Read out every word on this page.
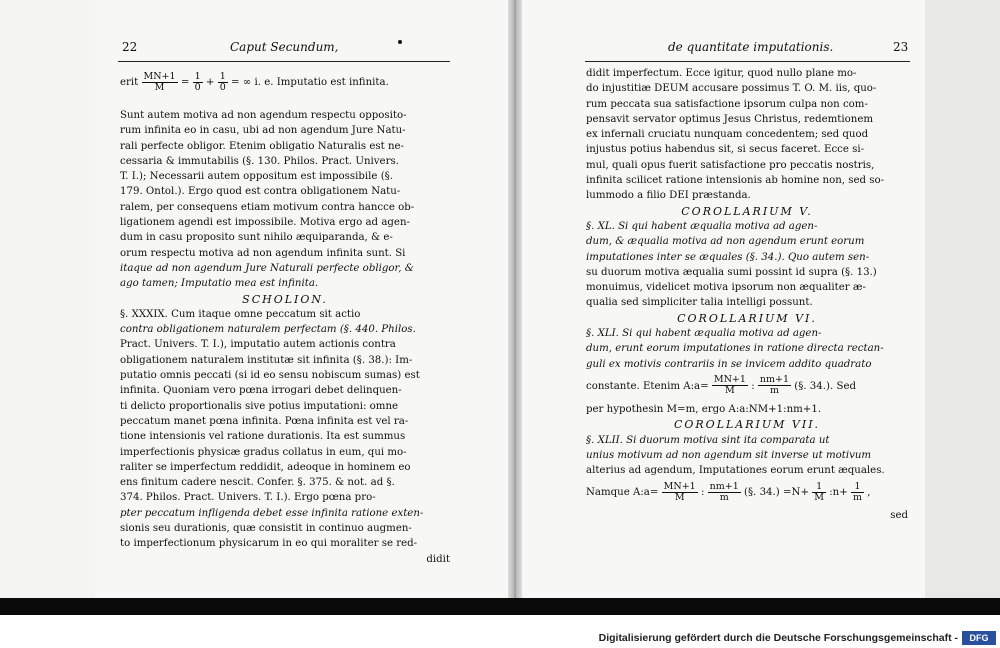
22	Caput Secundum,
erit $\frac{MN+1}{M} = \frac{1}{0} + \frac{1}{0}$ = ∞ i. e. Imputatio est infinita.
Sunt autem motiva ad non agendum respectu opposito-
rum infinita eo in casu, ubi ad non agendum Jure Natu-
rali perfecte obligor. Etenim obligatio Naturalis est ne-
cessaria & immutabilis (§. 130. Philos. Pract. Univers.
T. I.); Necessarii autem oppositum est impossibile (§.
179. Ontol.). Ergo quod est contra obligationem Natu-
ralem, per consequens etiam motivum contra hancce ob-
ligationem agendi est impossibile. Motiva ergo ad agen-
dum in casu proposito sunt nihilo æquiparanda, & e-
orum respectu motiva ad non agendum infinita sunt. Si
itaque ad non agendum Jure Naturali perfecte obligor, &
ago tamen; Imputatio mea est infinita.
SCHOLION.
§. XXXIX. Cum itaque omne peccatum sit actio
contra obligationem naturalem perfectam (§. 440. Philos.
Pract. Univers. T. I.), imputatio autem actionis contra
obligationem naturalem institutæ sit infinita (§. 38.): Im-
putatio omnis peccati (si id eo sensu nobiscum sumas) est
infinita. Quoniam vero pœna irrogari debet delinquen-
ti delicto proportionalis sive potius imputationi: omne
peccatum manet pœna infinita. Pœna infinita est vel ra-
tione intensionis vel ratione durationis. Ita est summus
imperfectionis physicæ gradus collatus in eum, qui mo-
raliter se imperfectum reddidit, adeoque in hominem eo
ens finitum cadere nescit. Confer. §. 375. & not. ad §.
374. Philos. Pract. Univers. T. I.). Ergo pœna pro-
pter peccatum infligenda debet esse infinita ratione exten-
sionis seu durationis, quæ consistit in continuo augmen-
to imperfectionum physicarum in eo qui moraliter se red-
didit
de quantitate imputationis.	23
didit imperfectum. Ecce igitur, quod nullo plane mo-
do injustitiæ DEUM accusare possimus T. O. M. iis, quo-
rum peccata sua satisfactione ipsorum culpa non com-
pensavit servator optimus Jesus Christus, redemtionem
ex infernali cruciatu nunquam concedentem; sed quod
injustus potius habendus sit, si secus faceret. Ecce si-
mul, quali opus fuerit satisfactione pro peccatis nostris,
infinita scilicet ratione intensionis ab homine non, sed so-
lummodo a filio DEI præstanda.
COROLLARIUM V.
§. XL. Si qui habent æqualia motiva ad agen-
dum, & æqualia motiva ad non agendum erunt eorum
imputationes inter se æquales (§. 34.). Quo autem sen-
su duorum motiva æqualia sumi possint id supra (§. 13.)
monuimus, videlicet motiva ipsorum non æqualiter æ-
qualia sed simpliciter talia intelligi possunt.
COROLLARIUM VI.
§. XLI. Si qui habent æqualia motiva ad agen-
dum, erunt eorum imputationes in ratione directa rectan-
guli ex motivis contrariis in se invicem addito quadrato
constante. Etenim A:a= $\frac{MN+1}{M}$ : $\frac{nm+1}{m}$ (§. 34.). Sed
per hypothesin M=m, ergo A:a:NM+1:nm+1.
COROLLARIUM VII.
§. XLII. Si duorum motiva sint ita comparata ut
unius motivum ad non agendum sit inverse ut motivum
alterius ad agendum, Imputationes eorum erunt æquales.
Namque A:a= $\frac{MN+1}{M}$ : $\frac{nm+1}{m}$ (§. $34.) =N+ \frac{1}{M}$ :n+ $\frac{1}{m}$ ,
sed
Digitalisierung gefördert durch die Deutsche Forschungsgemeinschaft -	DFG
